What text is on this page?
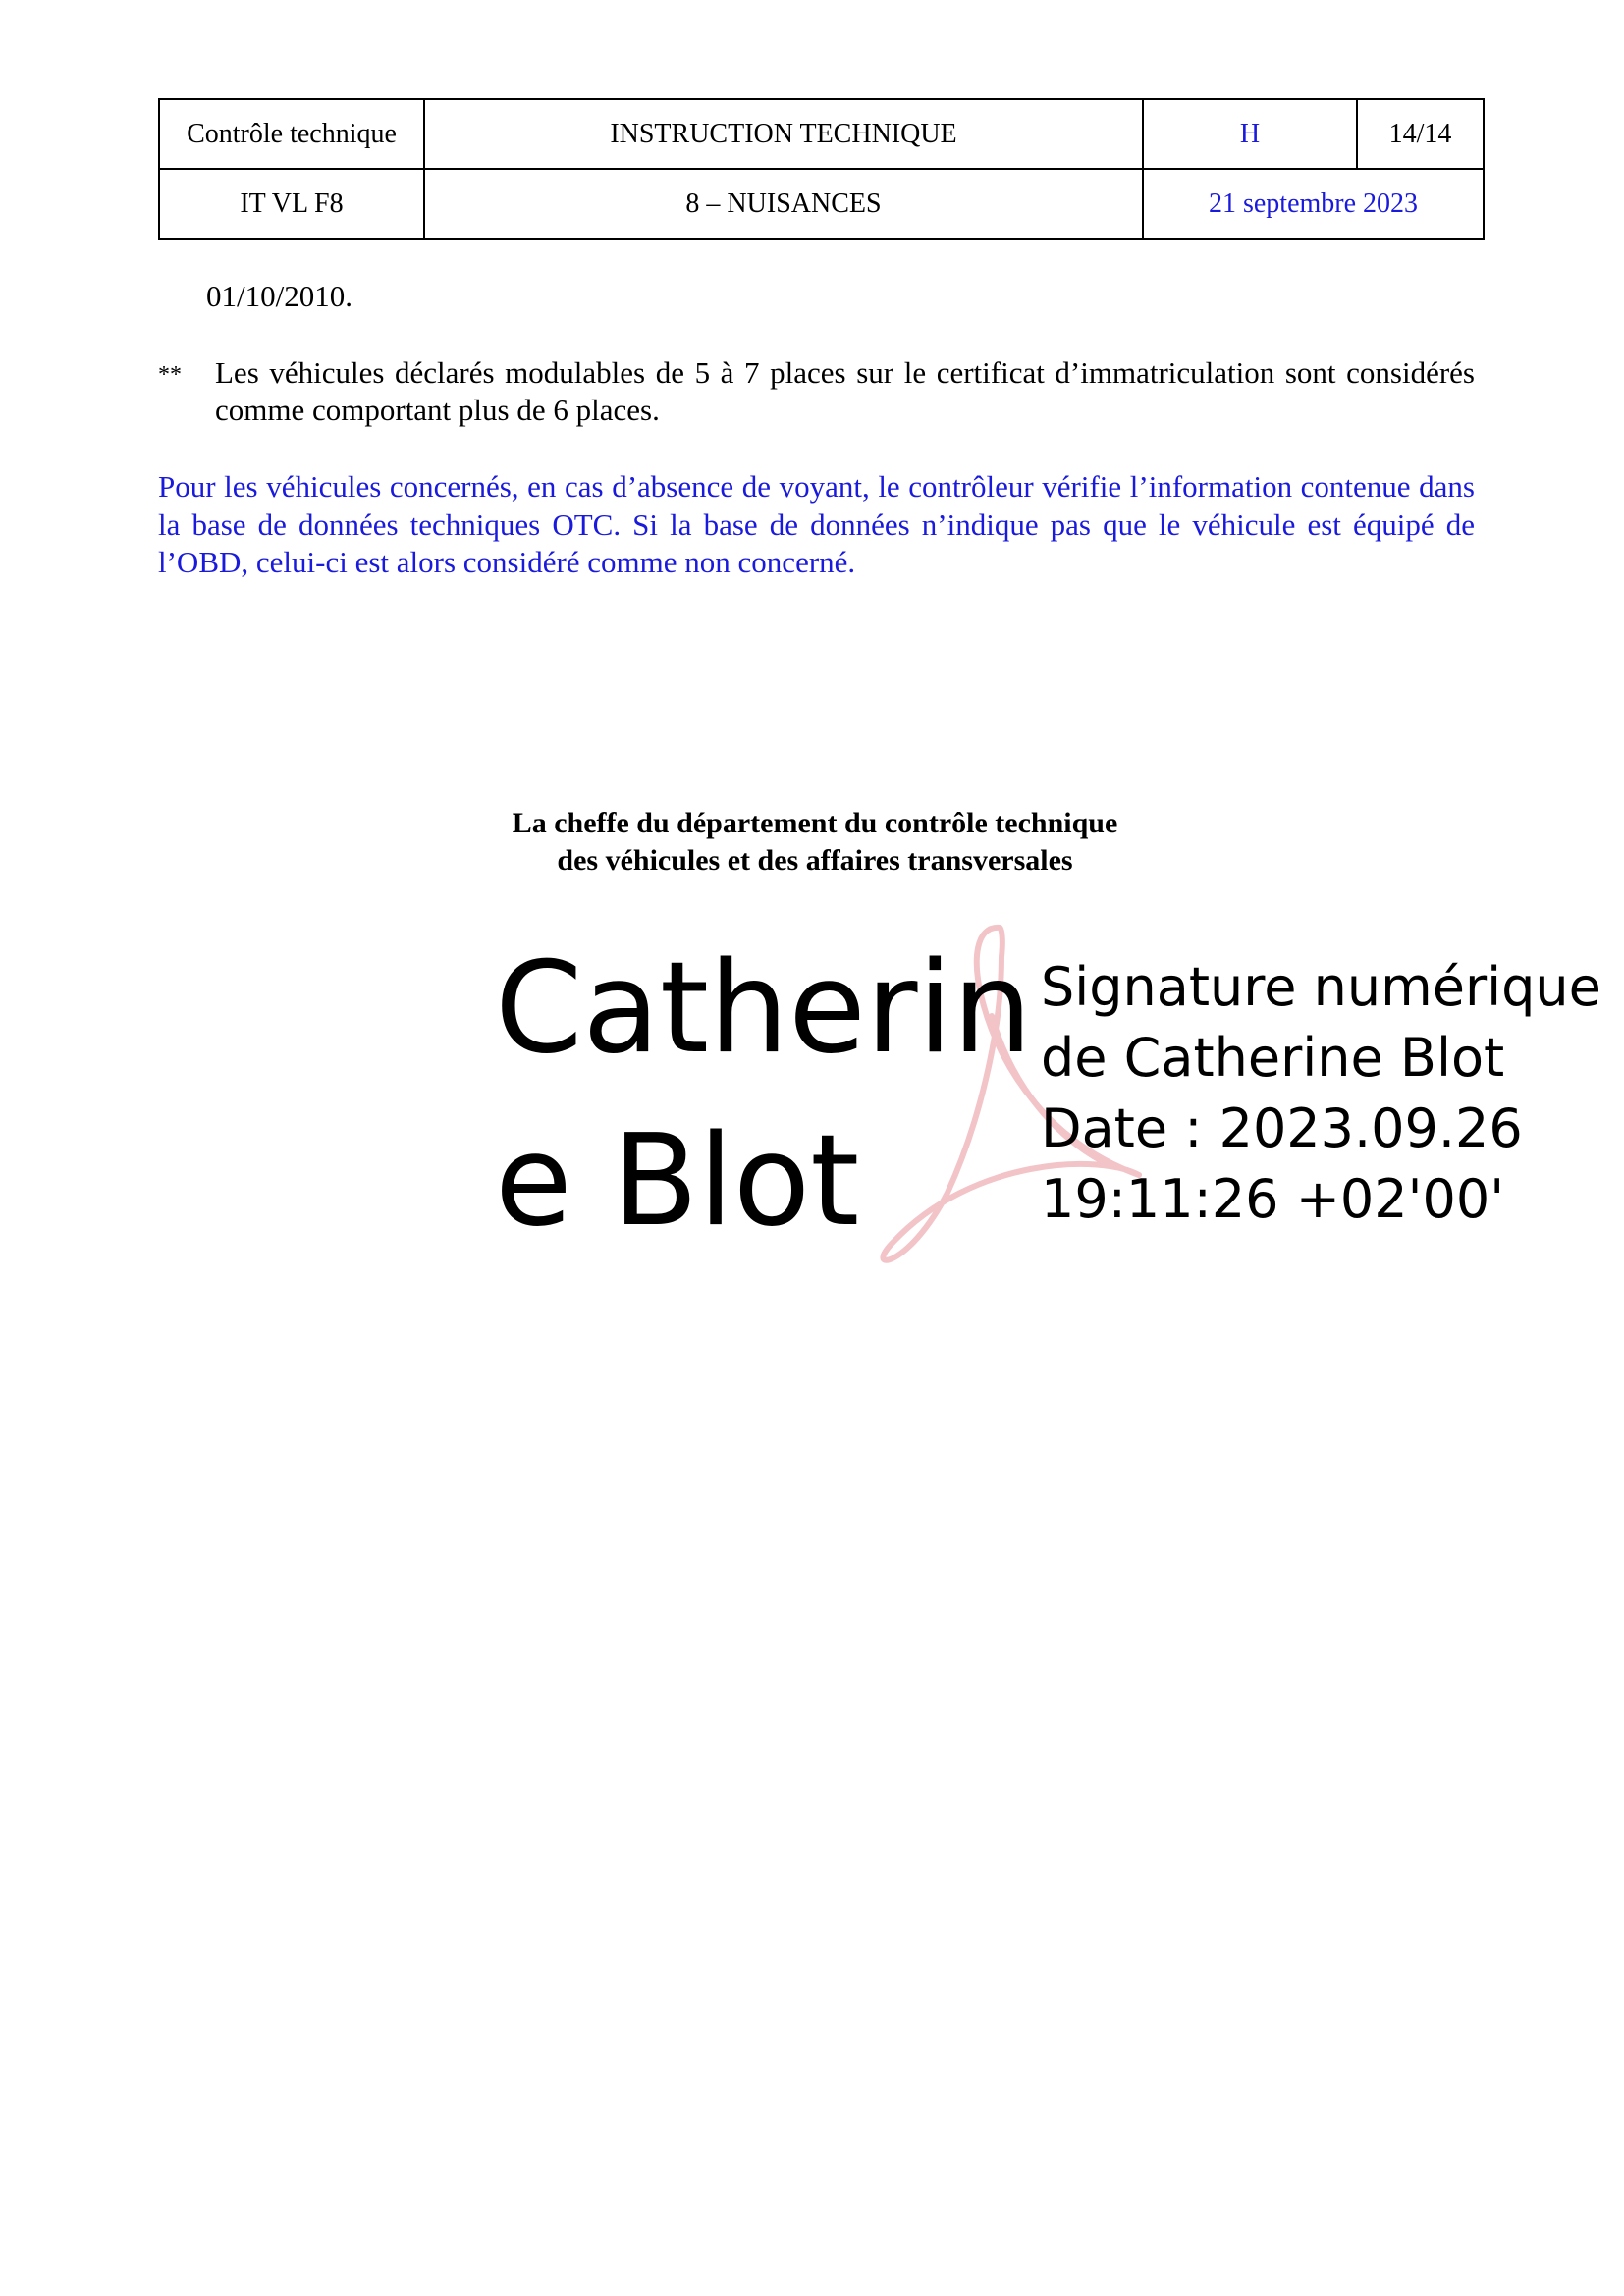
Contrôle technique	INSTRUCTION TECHNIQUE	H	14/14
IT VL F8	8 – NUISANCES	21 septembre 2023	
01/10/2010.
** Les véhicules déclarés modulables de 5 à 7 places sur le certificat d’immatriculation sont considérés comme comportant plus de 6 places.
Pour les véhicules concernés, en cas d’absence de voyant, le contrôleur vérifie l’information contenue dans la base de données techniques OTC. Si la base de données n’indique pas que le véhicule est équipé de l’OBD, celui-ci est alors considéré comme non concerné.
La cheffe du département du contrôle technique
des véhicules et des affaires transversales
Catherin
e Blot
Signature numérique
de Catherine Blot
Date : 2023.09.26
19:11:26 +02'00'
